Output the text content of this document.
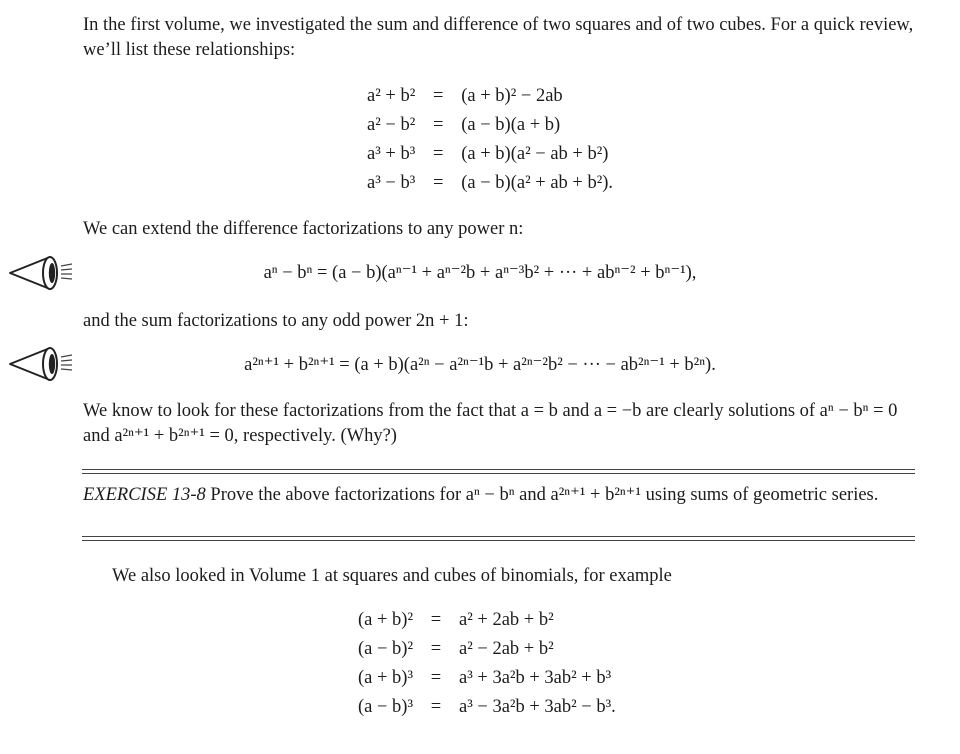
In the first volume, we investigated the sum and difference of two squares and of two cubes. For a quick review, we’ll list these relationships:
a² + b²	=	(a + b)² − 2ab
a² − b²	=	(a − b)(a + b)
a³ + b³	=	(a + b)(a² − ab + b²)
a³ − b³	=	(a − b)(a² + ab + b²).
We can extend the difference factorizations to any power n:
aⁿ − bⁿ = (a − b)(aⁿ⁻¹ + aⁿ⁻²b + aⁿ⁻³b² + ··· + abⁿ⁻² + bⁿ⁻¹),
and the sum factorizations to any odd power 2n + 1:
a²ⁿ⁺¹ + b²ⁿ⁺¹ = (a + b)(a²ⁿ − a²ⁿ⁻¹b + a²ⁿ⁻²b² − ··· − ab²ⁿ⁻¹ + b²ⁿ).
We know to look for these factorizations from the fact that a = b and a = −b are clearly solutions of aⁿ − bⁿ = 0 and a²ⁿ⁺¹ + b²ⁿ⁺¹ = 0, respectively. (Why?)
EXERCISE 13-8 Prove the above factorizations for aⁿ − bⁿ and a²ⁿ⁺¹ + b²ⁿ⁺¹ using sums of geometric series.
We also looked in Volume 1 at squares and cubes of binomials, for example
(a + b)²	=	a² + 2ab + b²
(a − b)²	=	a² − 2ab + b²
(a + b)³	=	a³ + 3a²b + 3ab² + b³
(a − b)³	=	a³ − 3a²b + 3ab² − b³.
